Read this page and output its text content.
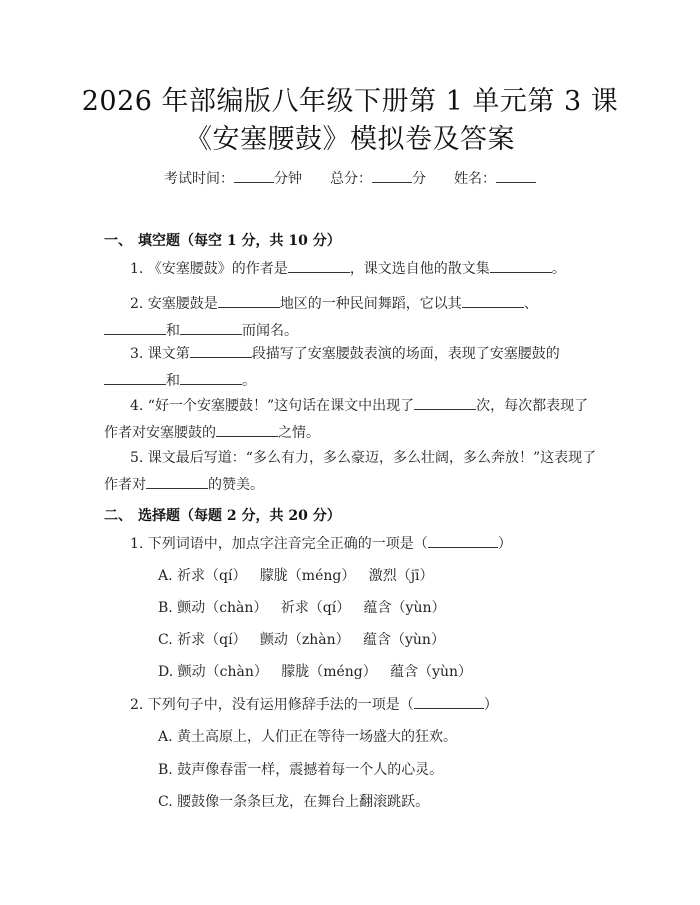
2026 年部编版八年级下册第 1 单元第 3 课
《安塞腰鼓》模拟卷及答案
考试时间：	分钟 总分：	分 姓名：
一、 填空题（每空 1 分，共 10 分）
1. 《安塞腰鼓》的作者是	，课文选自他的散文集	。
2. 安塞腰鼓是	地区的一种民间舞蹈，它以其	、和	而闻名。
3. 课文第	段描写了安塞腰鼓表演的场面，表现了安塞腰鼓的和	。
4. “好一个安塞腰鼓！”这句话在课文中出现了	次，每次都表现了作者对安塞腰鼓的	之情。
5. 课文最后写道：“多么有力，多么豪迈，多么壮阔，多么奔放！”这表现了作者对	的赞美。
二、 选择题（每题 2 分，共 20 分）
1. 下列词语中，加点字注音完全正确的一项是（	）
A. 祈求（qí）   朦胧（méng）   激烈（jī）
B. 颤动（chàn）   祈求（qí）   蕴含（yùn）
C. 祈求（qí）   颤动（zhàn）   蕴含（yùn）
D. 颤动（chàn）   朦胧（méng）   蕴含（yùn）
2. 下列句子中，没有运用修辞手法的一项是（	）
A. 黄土高原上，人们正在等待一场盛大的狂欢。
B. 鼓声像春雷一样，震撼着每一个人的心灵。
C. 腰鼓像一条条巨龙，在舞台上翻滚跳跃。
